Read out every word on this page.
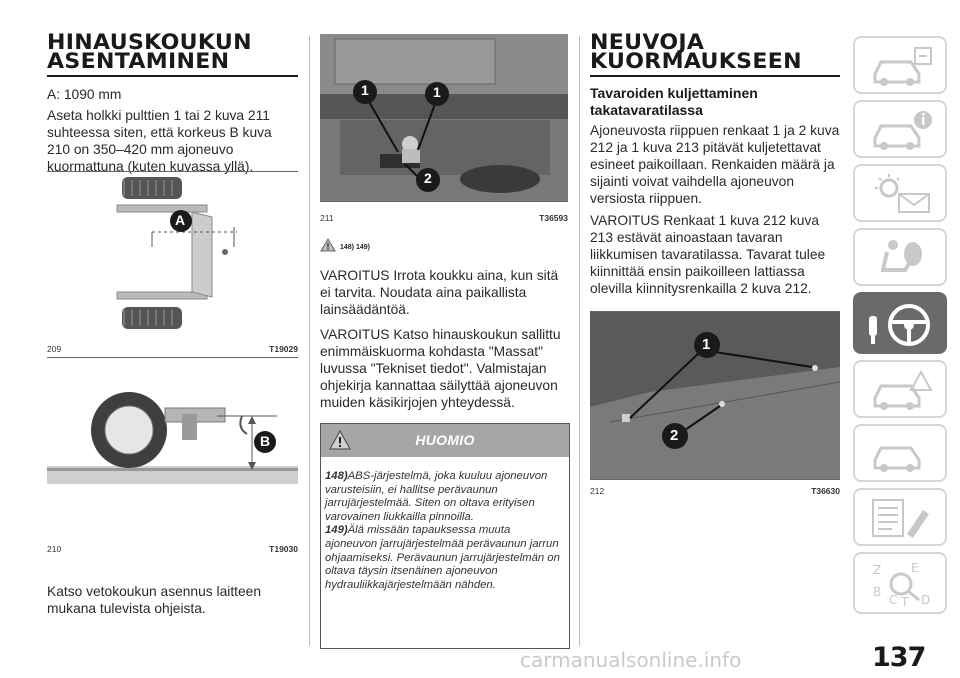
HINAUSKOUKUN ASENTAMINEN

A: 1090 mm

Aseta holkki pulttien 1 tai 2 kuva 211 suhteessa siten, että korkeus B kuva 210 on 350–420 mm ajoneuvo kuormattuna (kuten kuvassa yllä).

A
209	T19029
B
210	T19030

Katso vetokoukun asennus laitteen mukana tulevista ohjeista.

1	1
2
211	T36593
148) 149)

VAROITUS Irrota koukku aina, kun sitä ei tarvita. Noudata aina paikallista lainsäädäntöä.

VAROITUS Katso hinauskoukun sallittu enimmäiskuorma kohdasta "Massat" luvussa "Tekniset tiedot". Valmistajan ohjekirja kannattaa säilyttää ajoneuvon muiden käsikirjojen yhteydessä.

HUOMIO

148)ABS-järjestelmä, joka kuuluu ajoneuvon varusteisiin, ei hallitse perävaunun jarrujärjestelmää. Siten on oltava erityisen varovainen liukkailla pinnoilla.

149)Älä missään tapauksessa muuta ajoneuvon jarrujärjestelmää perävaunun jarrun ohjaamiseksi. Perävaunun jarrujärjestelmän on oltava täysin itsenäinen ajoneuvon hydrauliikkajärjestelmään nähden.

NEUVOJA KUORMAUKSEEN

Tavaroiden kuljettaminen takatavaratilassa

Ajoneuvosta riippuen renkaat 1 ja 2 kuva 212 ja 1 kuva 213 pitävät kuljetettavat esineet paikoillaan. Renkaiden määrä ja sijainti voivat vaihdella ajoneuvon versiosta riippuen.

VAROITUS Renkaat 1 kuva 212 kuva 213 estävät ainoastaan tavaran liikkumisen tavaratilassa. Tavarat tulee kiinnittää ensin paikoilleen lattiassa olevilla kiinnitysrenkailla 2 kuva 212.

1
2
212	T36630
Z E
B
C T D
137
carmanualsonline.info
